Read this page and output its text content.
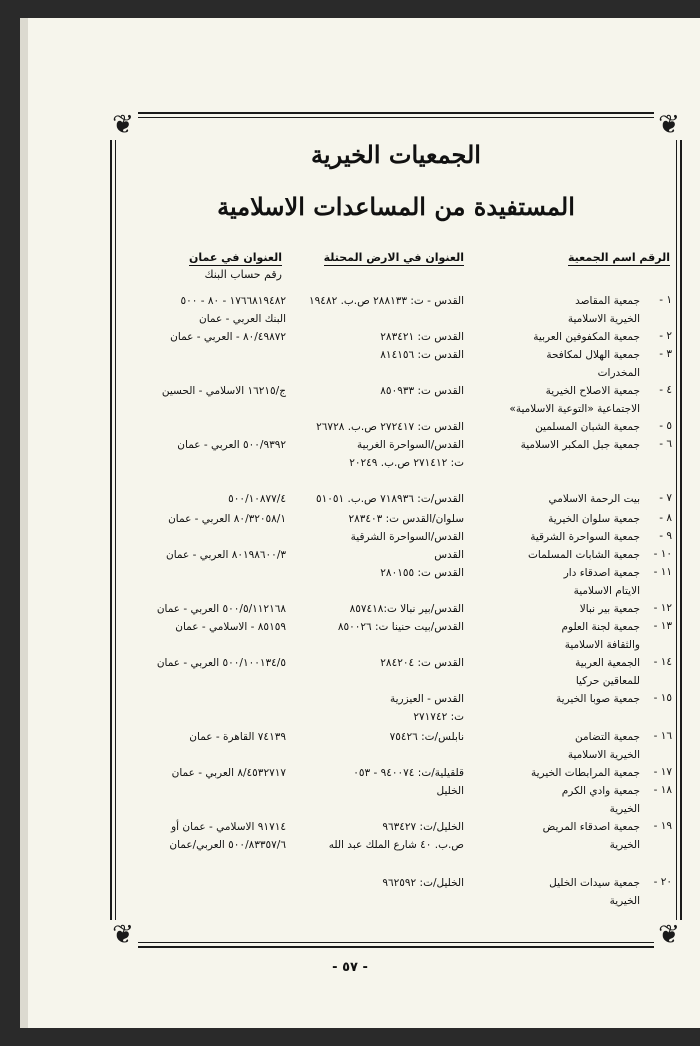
❦	❦
❦	❦
الجمعيات الخيرية
المستفيدة من المساعدات الاسلامية
الرقم اسم الجمعية
العنوان في الارض المحتلة
العنوان في عمان
رقم حساب البنك
١ -
جمعية المقاصد
الخيرية الاسلامية
القدس - ت: ٢٨٨١٣٣ ص.ب. ١٩٤٨٢
١٧٦٦٨١٩٤٨٢ - ٨٠ - ٥٠٠
البنك العربي - عمان
٢ -
جمعية المكفوفين العربية
القدس ت: ٢٨٣٤٢١
٨٠/٤٩٨٧٢ - العربي - عمان
٣ -
جمعية الهلال لمكافحة
المخدرات
القدس ت: ٨١٤١٥٦
٤ -
جمعية الاصلاح الخيرية
الاجتماعية «التوعية الاسلامية»
القدس ت: ٨٥٠٩٣٣
ج/١٦٢١٥ الاسلامي - الحسين
٥ -
جمعية الشبان المسلمين
القدس ت: ٢٧٢٤١٧ ص.ب. ٢٦٧٢٨
٦ -
جمعية جبل المكبر الاسلامية
القدس/السواحرة الغربية
ت: ٢٧١٤١٢ ص.ب. ٢٠٢٤٩
٥٠٠/٩٣٩٢ العربي - عمان
٧ -
بيت الرحمة الاسلامي
القدس/ت: ٧١٨٩٣٦ ص.ب. ٥١٠٥١
٥٠٠/١٠٨٧٧/٤
٨ -
جمعية سلوان الخيرية
سلوان/القدس ت: ٢٨٣٤٠٣
٨٠/٣٢٠٥٨/١ العربي - عمان
٩ -
جمعية السواحرة الشرقية
القدس/السواحرة الشرقية
١٠ -
جمعية الشابات المسلمات
القدس
٨٠١٩٨٦٠٠/٣ العربي - عمان
١١ -
جمعية اصدقاء دار
الايتام الاسلامية
القدس ت: ٢٨٠١٥٥
١٢ -
جمعية بير نبالا
القدس/بير نبالا ت:٨٥٧٤١٨
٥٠٠/٥/١١٢١٦٨ العربي - عمان
١٣ -
جمعية لجنة العلوم
والثقافة الاسلامية
القدس/بيت حنينا ت: ٨٥٠٠٢٦
٨٥١٥٩ - الاسلامي - عمان
١٤ -
الجمعية العربية
للمعاقين حركيا
القدس ت: ٢٨٤٢٠٤
٥٠٠/١٠٠١٣٤/٥ العربي - عمان
١٥ -
جمعية صوبا الخيرية
القدس - العيزرية
ت: ٢٧١٧٤٢
١٦ -
جمعية التضامن
الخيرية الاسلامية
نابلس/ت: ٧٥٤٢٦
٧٤١٣٩ القاهرة - عمان
١٧ -
جمعية المرابطات الخيرية
قلقيلية/ت: ٩٤٠٠٧٤ - ٠٥٣
٨/٤٥٣٢٧١٧ العربي - عمان
١٨ -
جمعية وادي الكرم
الخيرية
الخليل
١٩ -
جمعية اصدقاء المريض
الخيرية
الخليل/ت: ٩٦٣٤٢٧
ص.ب. ٤٠ شارع الملك عبد الله
٩١٧١٤ الاسلامي - عمان أو
٥٠٠/٨٣٣٥٧/٦ العربي/عمان
٢٠ -
جمعية سيدات الخليل
الخيرية
الخليل/ت: ٩٦٢٥٩٢
- ٥٧ -
